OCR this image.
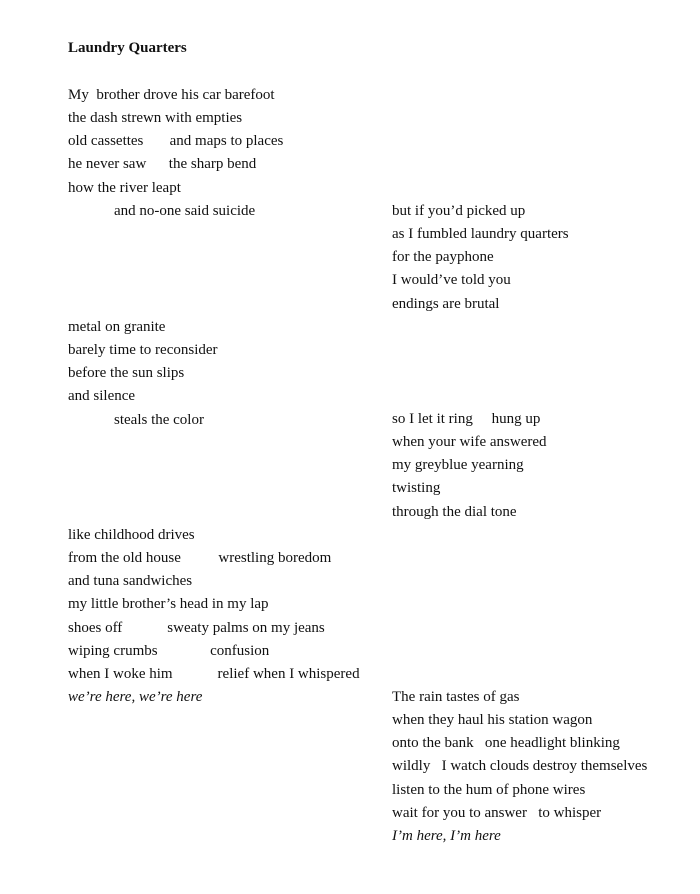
Laundry Quarters
My  brother drove his car barefoot
the dash strewn with empties
old cassettes       and maps to places
he never saw      the sharp bend
how the river leapt
and no-one said suicide	but if you’d picked up
as I fumbled laundry quarters
for the payphone
I would’ve told you
endings are brutal
metal on granite
barely time to reconsider
before the sun slips
and silence
steals the color	so I let it ring     hung up
when your wife answered
my greyblue yearning
twisting
through the dial tone
like childhood drives
from the old house          wrestling boredom
and tuna sandwiches
my little brother’s head in my lap
shoes off            sweaty palms on my jeans
wiping crumbs              confusion
when I woke him            relief when I whispered
we’re here, we’re here	The rain tastes of gas
when they haul his station wagon
onto the bank   one headlight blinking
wildly   I watch clouds destroy themselves
listen to the hum of phone wires
wait for you to answer   to whisper
I’m here, I’m here
